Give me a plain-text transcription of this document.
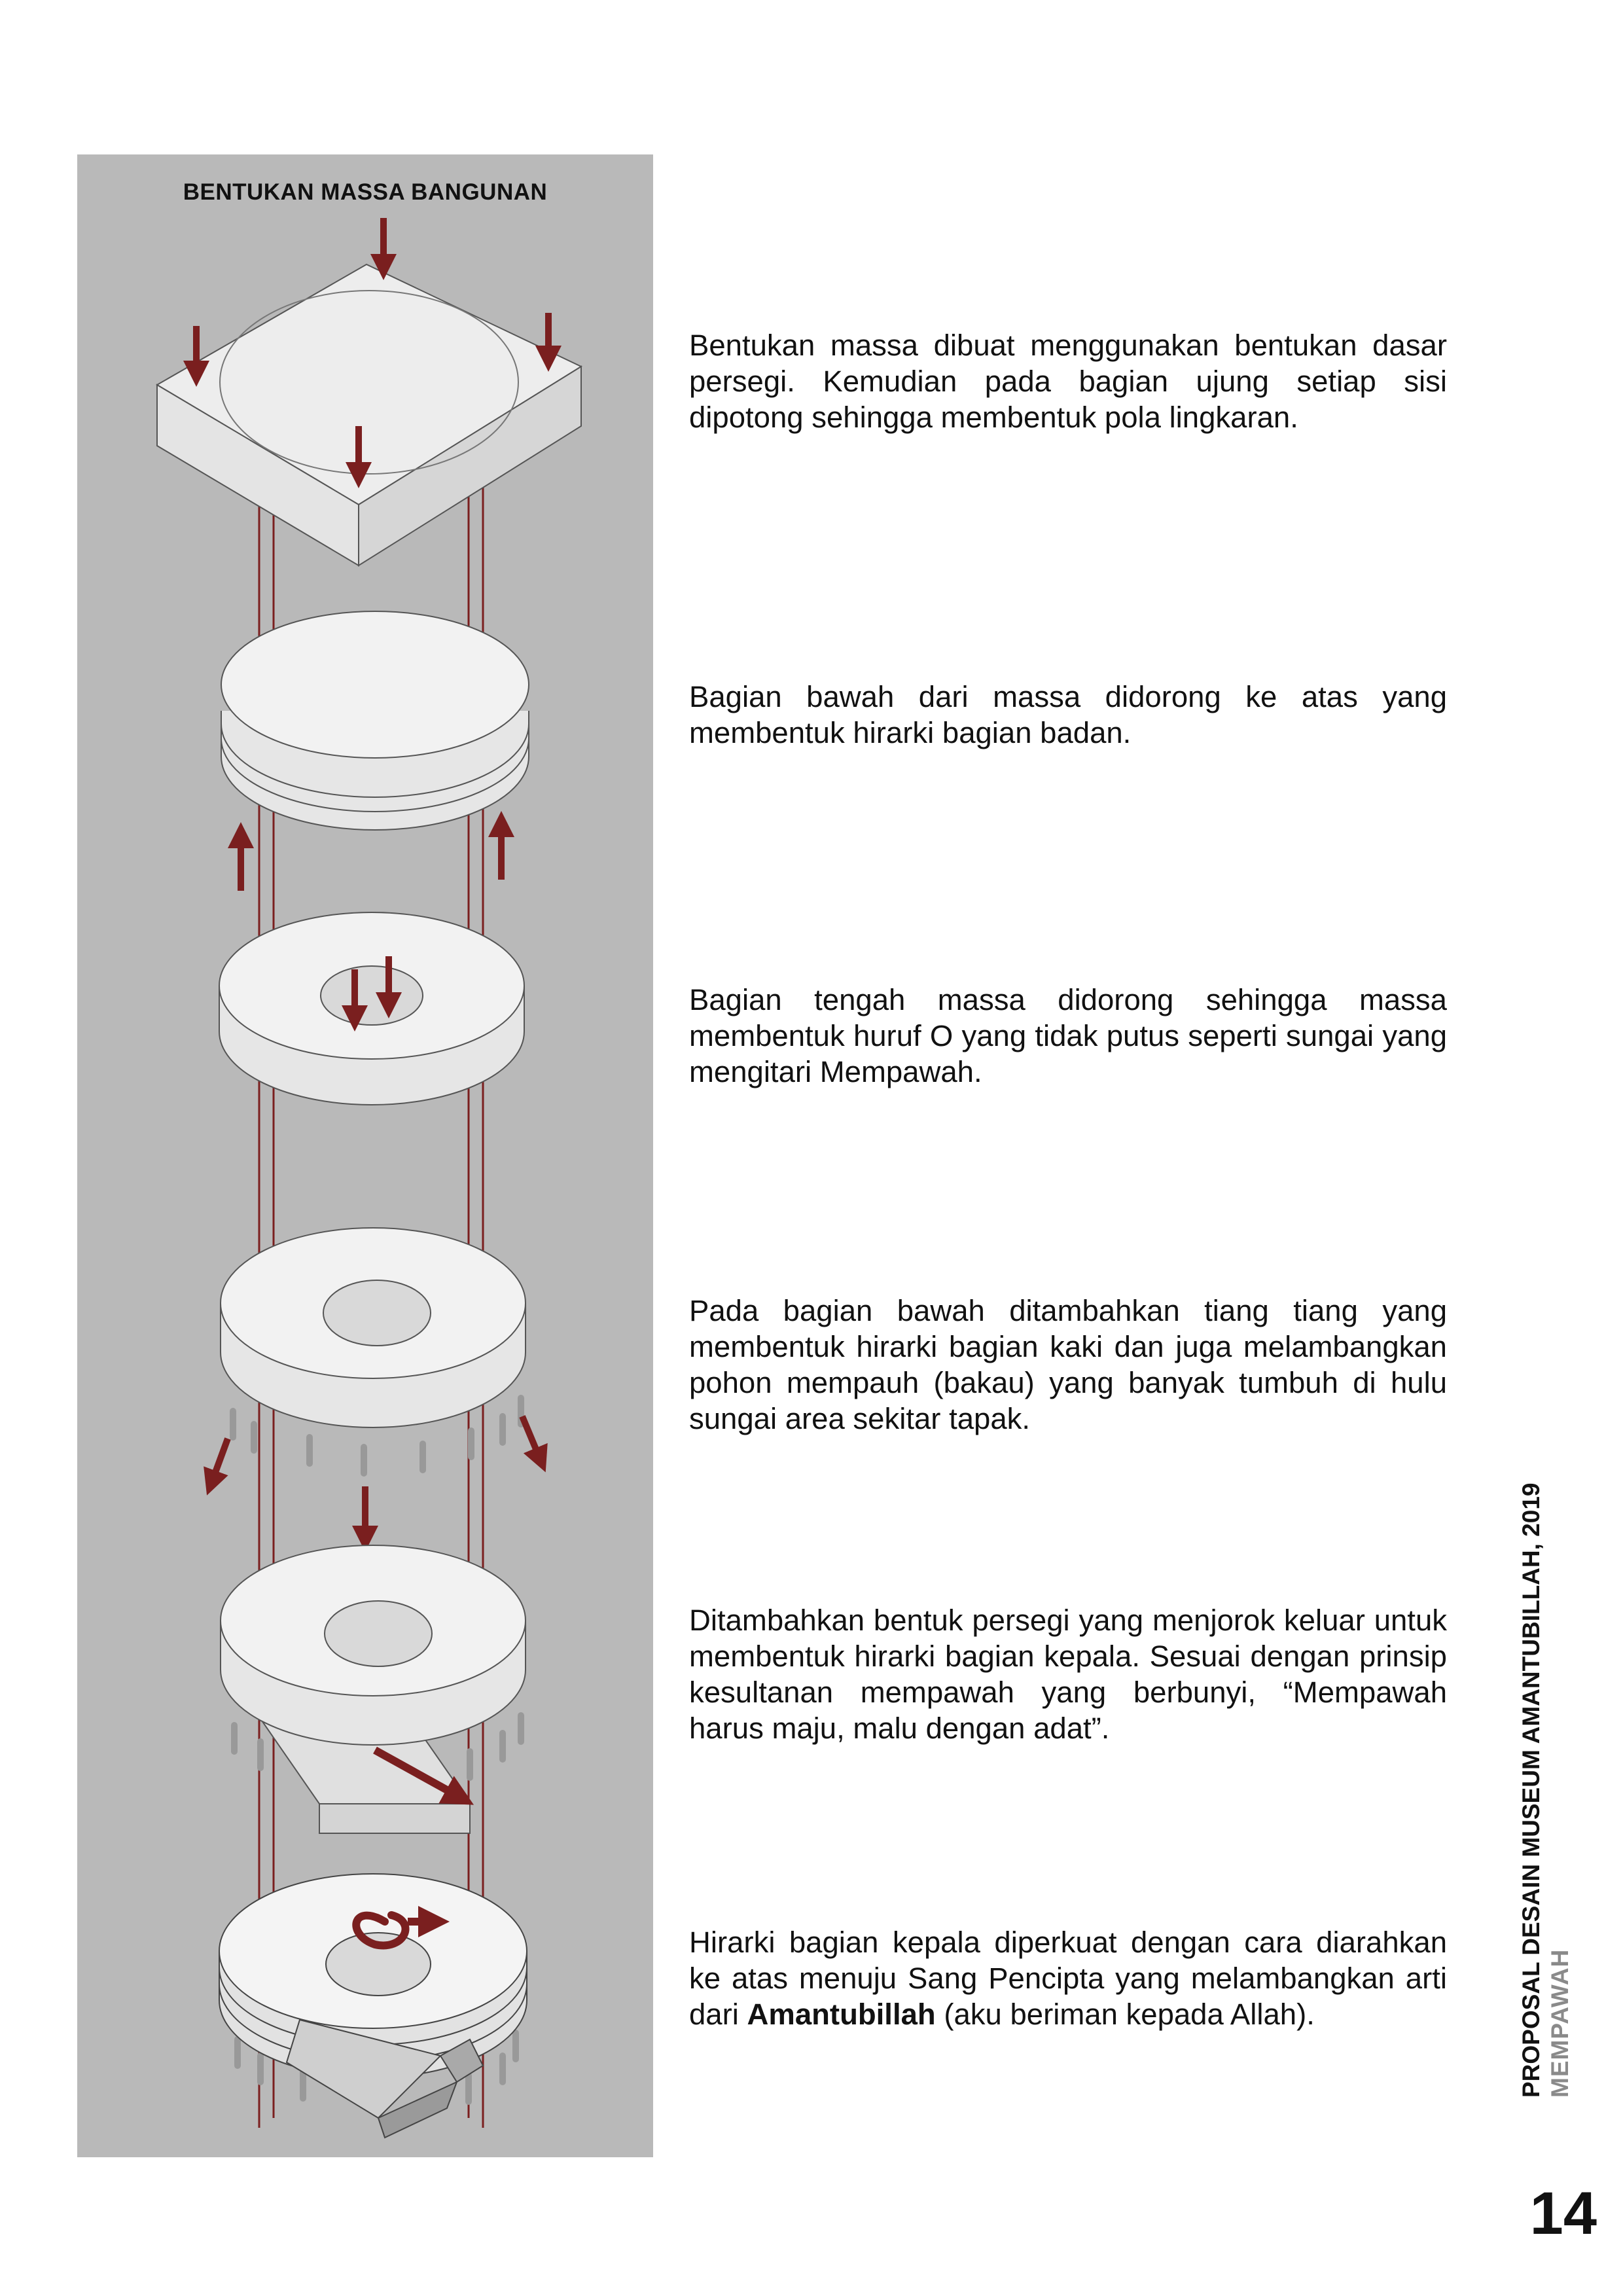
BENTUKAN MASSA BANGUNAN

Bentukan massa dibuat menggunakan bentukan dasar persegi. Kemudian pada bagian ujung setiap sisi dipotong sehingga membentuk pola lingkaran.

Bagian bawah dari massa didorong ke atas yang membentuk hirarki bagian badan.

Bagian tengah massa didorong sehingga massa membentuk huruf O yang tidak putus seperti sungai yang mengitari Mempawah.

Pada bagian bawah ditambahkan tiang tiang yang membentuk hirarki bagian kaki dan juga melambangkan pohon mempauh (bakau) yang banyak tumbuh di hulu sungai area sekitar tapak.

Ditambahkan bentuk persegi yang menjorok keluar untuk membentuk hirarki bagian kepala. Sesuai dengan prinsip kesultanan mempawah yang berbunyi, “Mempawah harus maju, malu dengan adat”.

Hirarki bagian kepala diperkuat dengan cara diarahkan ke atas menuju Sang Pencipta yang melambangkan arti dari Amantubillah (aku beriman kepada Allah).	PROPOSAL DESAIN MUSEUM AMANTUBILLAH, 2019 MEMPAWAH
14
